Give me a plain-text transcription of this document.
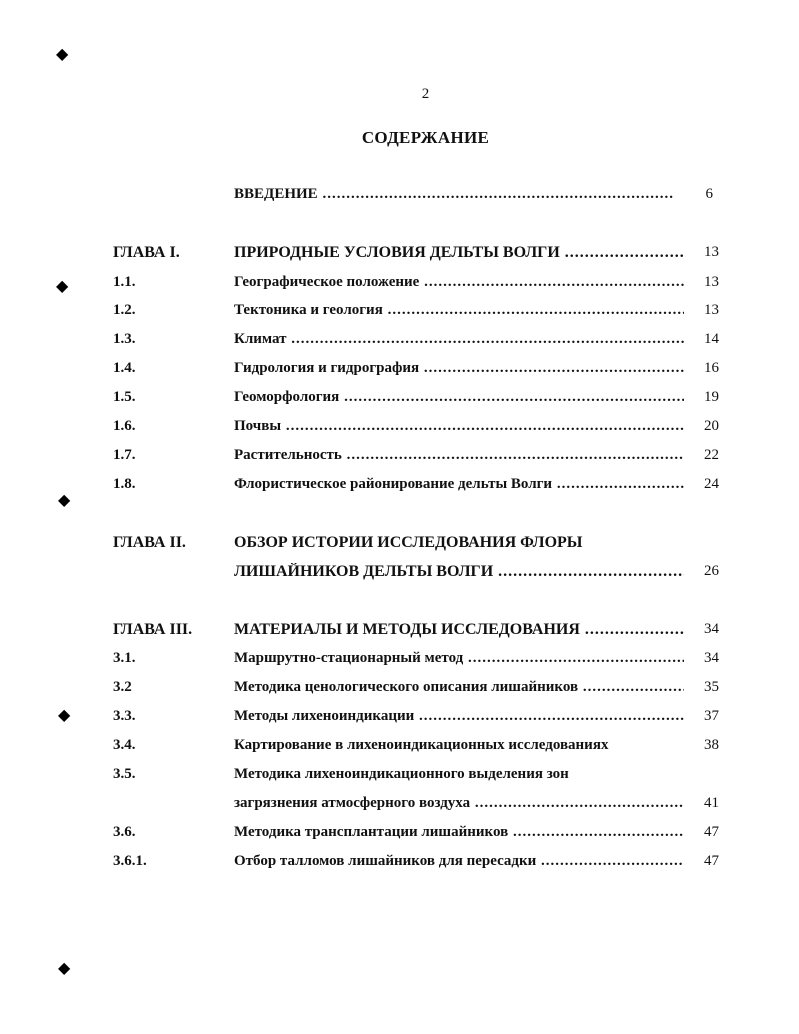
◆
◆
◆
◆
◆
2
СОДЕРЖАНИЕ
ВВЕДЕНИЕ .....	6
ГЛАВА I.	ПРИРОДНЫЕ УСЛОВИЯ ДЕЛЬТЫ ВОЛГИ .....	13
1.1.	Географическое положение .....	13
1.2.	Тектоника и геология .....	13
1.3.	Климат .....	14
1.4.	Гидрология и гидрография .....	16
1.5.	Геоморфология .....	19
1.6.	Почвы .....	20
1.7.	Растительность .....	22
1.8.	Флористическое районирование дельты Волги .....	24
ГЛАВА II.	ОБЗОР ИСТОРИИ ИССЛЕДОВАНИЯ ФЛОРЫ
ЛИШАЙНИКОВ ДЕЛЬТЫ ВОЛГИ .....	26
ГЛАВА III.	МАТЕРИАЛЫ И МЕТОДЫ ИССЛЕДОВАНИЯ .....	34
3.1.	Маршрутно-стационарный метод .....	34
3.2	Методика ценологического описания лишайников .....	35
3.3.	Методы лихеноиндикации .....	37
3.4.	Картирование в лихеноиндикационных исследованиях	38
3.5.	Методика лихеноиндикационного выделения зон
загрязнения атмосферного воздуха .....	41
3.6.	Методика трансплантации лишайников .....	47
3.6.1.	Отбор талломов лишайников для пересадки .....	47
